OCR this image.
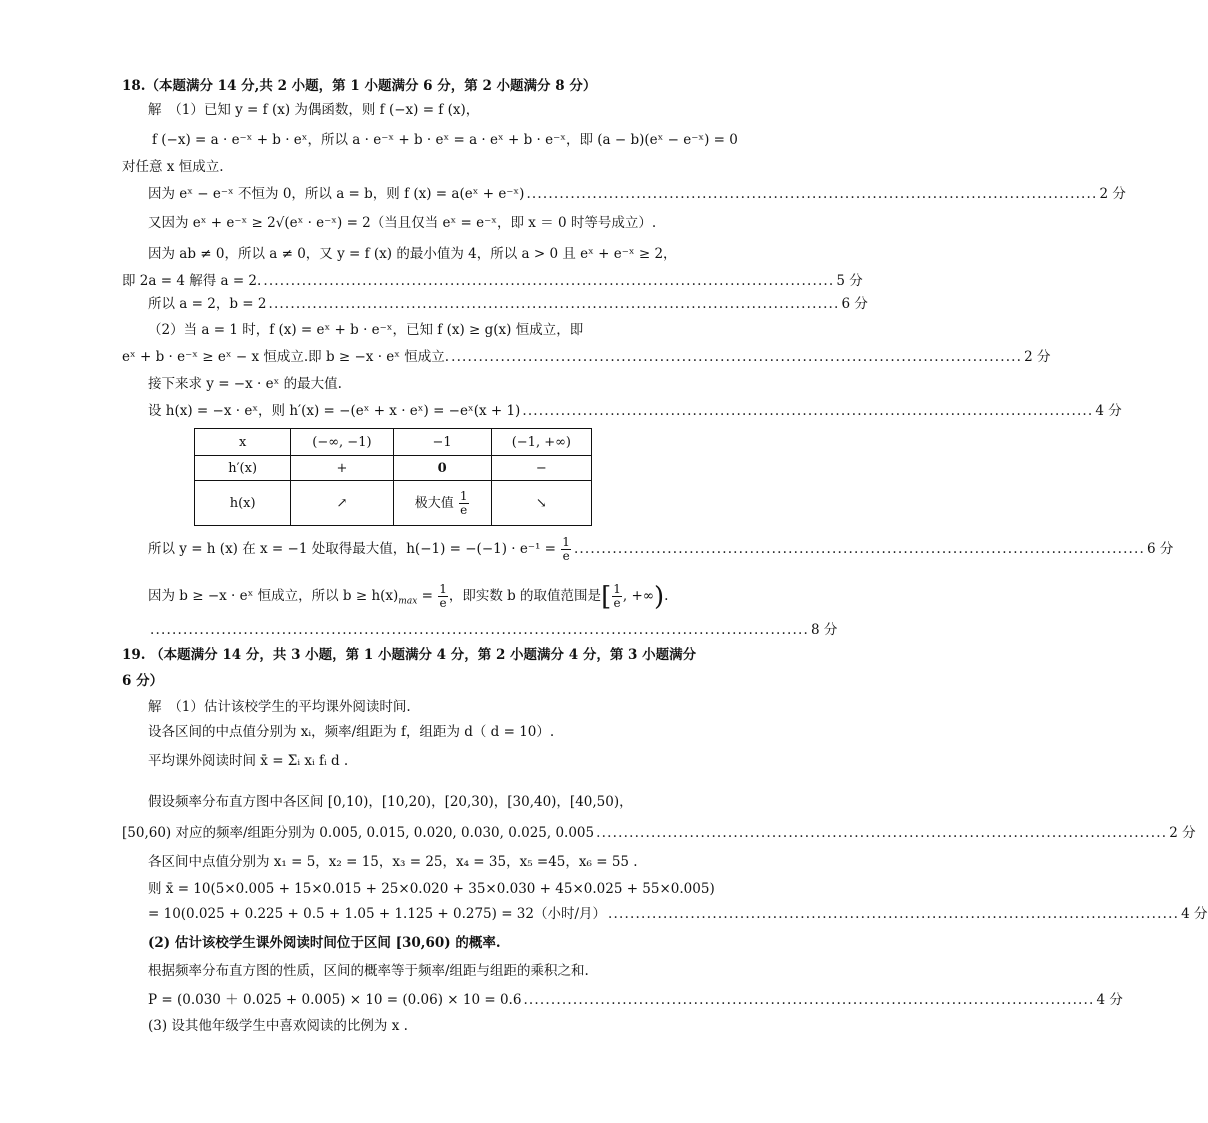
18.（本题满分 14 分,共 2 小题，第 1 小题满分 6 分，第 2 小题满分 8 分）
解　（1）已知 y = f (x) 为偶函数，则 f (−x) = f (x)，
f (−x) = a · e⁻ˣ + b · eˣ，所以 a · e⁻ˣ + b · eˣ = a · eˣ + b · e⁻ˣ，即 (a − b)(eˣ − e⁻ˣ) = 0
对任意 x 恒成立.
因为 eˣ − e⁻ˣ 不恒为 0，所以 a = b，则 f (x) = a(eˣ + e⁻ˣ) ........................................................................................................ 2 分
又因为 eˣ + e⁻ˣ ≥ 2√(eˣ · e⁻ˣ) = 2（当且仅当 eˣ = e⁻ˣ，即 x ＝ 0 时等号成立）.
因为 ab ≠ 0，所以 a ≠ 0，又 y = f (x) 的最小值为 4，所以 a > 0 且 eˣ + e⁻ˣ ≥ 2，
即 2a = 4 解得 a = 2. ........................................................................................................ 5 分
所以 a = 2，b = 2 ........................................................................................................ 6 分
（2）当 a = 1 时，f (x) = eˣ + b · e⁻ˣ，已知 f (x) ≥ g(x) 恒成立，即
eˣ + b · e⁻ˣ ≥ eˣ − x 恒成立.即 b ≥ −x · eˣ 恒成立. ........................................................................................................ 2 分
接下来求 y = −x · eˣ 的最大值.
设 h(x) = −x · eˣ，则 h′(x) = −(eˣ + x · eˣ) = −eˣ(x + 1) ........................................................................................................ 4 分
x	(−∞, −1)	−1	(−1, +∞)
h′(x)	+	0	−
h(x)	↗	极大值 $\frac{1}{e}$	↘
所以 y = h (x) 在 x = −1 处取得最大值，$h(-1) = -(-1) \cdot e^{-1} = \frac{1}{e}$ ........................................................................................................ 6 分
因为 b ≥ −x · eˣ 恒成立，所以 $b \ge h(x)_{max} = \frac{1}{e}$ ，即实数 b 的取值范围是[ $\frac{1}{e}$ , +∞).
........................................................................................................................ 8 分
19. （本题满分 14 分，共 3 小题，第 1 小题满分 4 分，第 2 小题满分 4 分，第 3 小题满分
6 分）
解　（1）估计该校学生的平均课外阅读时间.
设各区间的中点值分别为 xᵢ，频率/组距为 f，组距为 d（ d = 10）.
平均课外阅读时间 x̄ = Σᵢ xᵢ fᵢ d .
假设频率分布直方图中各区间 [0,10)，[10,20)，[20,30)，[30,40)，[40,50)，
[50,60) 对应的频率/组距分别为 0.005, 0.015, 0.020, 0.030, 0.025, 0.005 ........................................................................................................ 2 分
各区间中点值分别为 x₁ = 5，x₂ = 15，x₃ = 25，x₄ = 35，x₅ =45，x₆ = 55 .
则 x̄ = 10(5×0.005 + 15×0.015 + 25×0.020 + 35×0.030 + 45×0.025 + 55×0.005)
= 10(0.025 + 0.225 + 0.5 + 1.05 + 1.125 + 0.275) = 32（小时/月） ........................................................................................................ 4 分
(2) 估计该校学生课外阅读时间位于区间 [30,60) 的概率.
根据频率分布直方图的性质，区间的概率等于频率/组距与组距的乘积之和.
P = (0.030 ＋ 0.025 + 0.005) × 10 = (0.06) × 10 = 0.6 ........................................................................................................ 4 分
(3) 设其他年级学生中喜欢阅读的比例为 x .
